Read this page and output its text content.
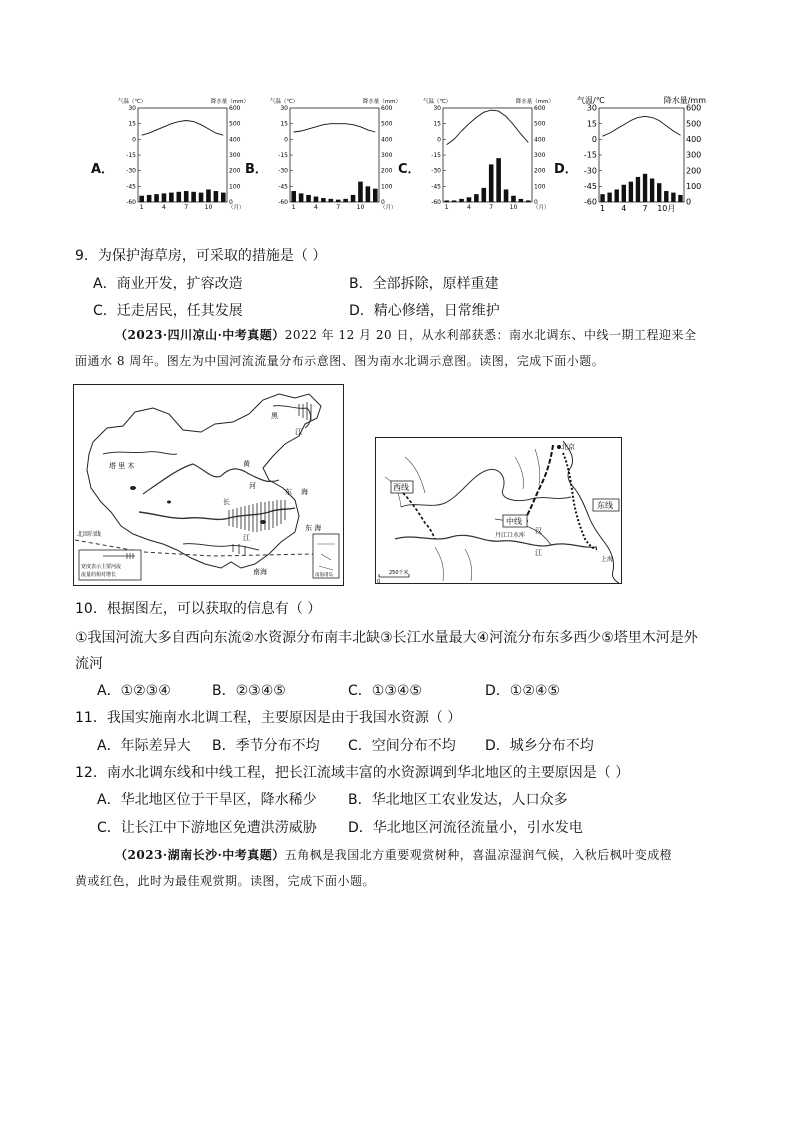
A．
气温（℃）	降水量（mm）
30	600
15	500
0	400
-15	300
-30	200
-45	100
-60	0
1	4	7	10	（月）
B．
气温（℃）	降水量（mm）
30	600
15	500
0	400
-15	300
-30	200
-45	100
-60	0
1	4	7	10	（月）
C．
气温（℃）	降水量（mm）
30	600
15	500
0	400
-15	300
-30	200
-45	100
-60	0
1	4	7	10	（月）
D．
气温/℃	降水量/mm
30	600
15	500
0	400
-15	300
-30	200
-45	100
-60	0
1 4 7 10月
9．为保护海草房，可采取的措施是（ ）
A．商业开发，扩容改造	B．全部拆除，原样重建
C．迁走居民，任其发展	D．精心修缮，日常维护
（2023·四川凉山·中考真题）2022 年 12 月 20 日，从水利部获悉：南水北调东、中线一期工程迎来全
面通水 8 周年。图左为中国河流流量分布示意图、图为南水北调示意图。读图，完成下面小题。
黑
江
黄
河
东 海
东 海
南海
塔 里 木
北回归线
长
江
宽度表示主要河流
流量的相对增长	南海诸岛
西线
中线
东线
北京
丹江口水库
汉
江
上海
0
250千米
10．根据图左，可以获取的信息有（ ）
①我国河流大多自西向东流②水资源分布南丰北缺③长江水量最大④河流分布东多西少⑤塔里木河是外
流河
A．①②③④	B．②③④⑤	C．①③④⑤	D．①②④⑤
11．我国实施南水北调工程，主要原因是由于我国水资源（ ）
A．年际差异大 B．季节分布不均 C．空间分布不均 D．城乡分布不均
12．南水北调东线和中线工程，把长江流域丰富的水资源调到华北地区的主要原因是（ ）
A．华北地区位于干旱区，降水稀少 B．华北地区工农业发达，人口众多
C．让长江中下游地区免遭洪涝威胁 D．华北地区河流径流量小，引水发电
（2023·湖南长沙·中考真题）五角枫是我国北方重要观赏树种，喜温凉湿润气候，入秋后枫叶变成橙
黄或红色，此时为最佳观赏期。读图，完成下面小题。
